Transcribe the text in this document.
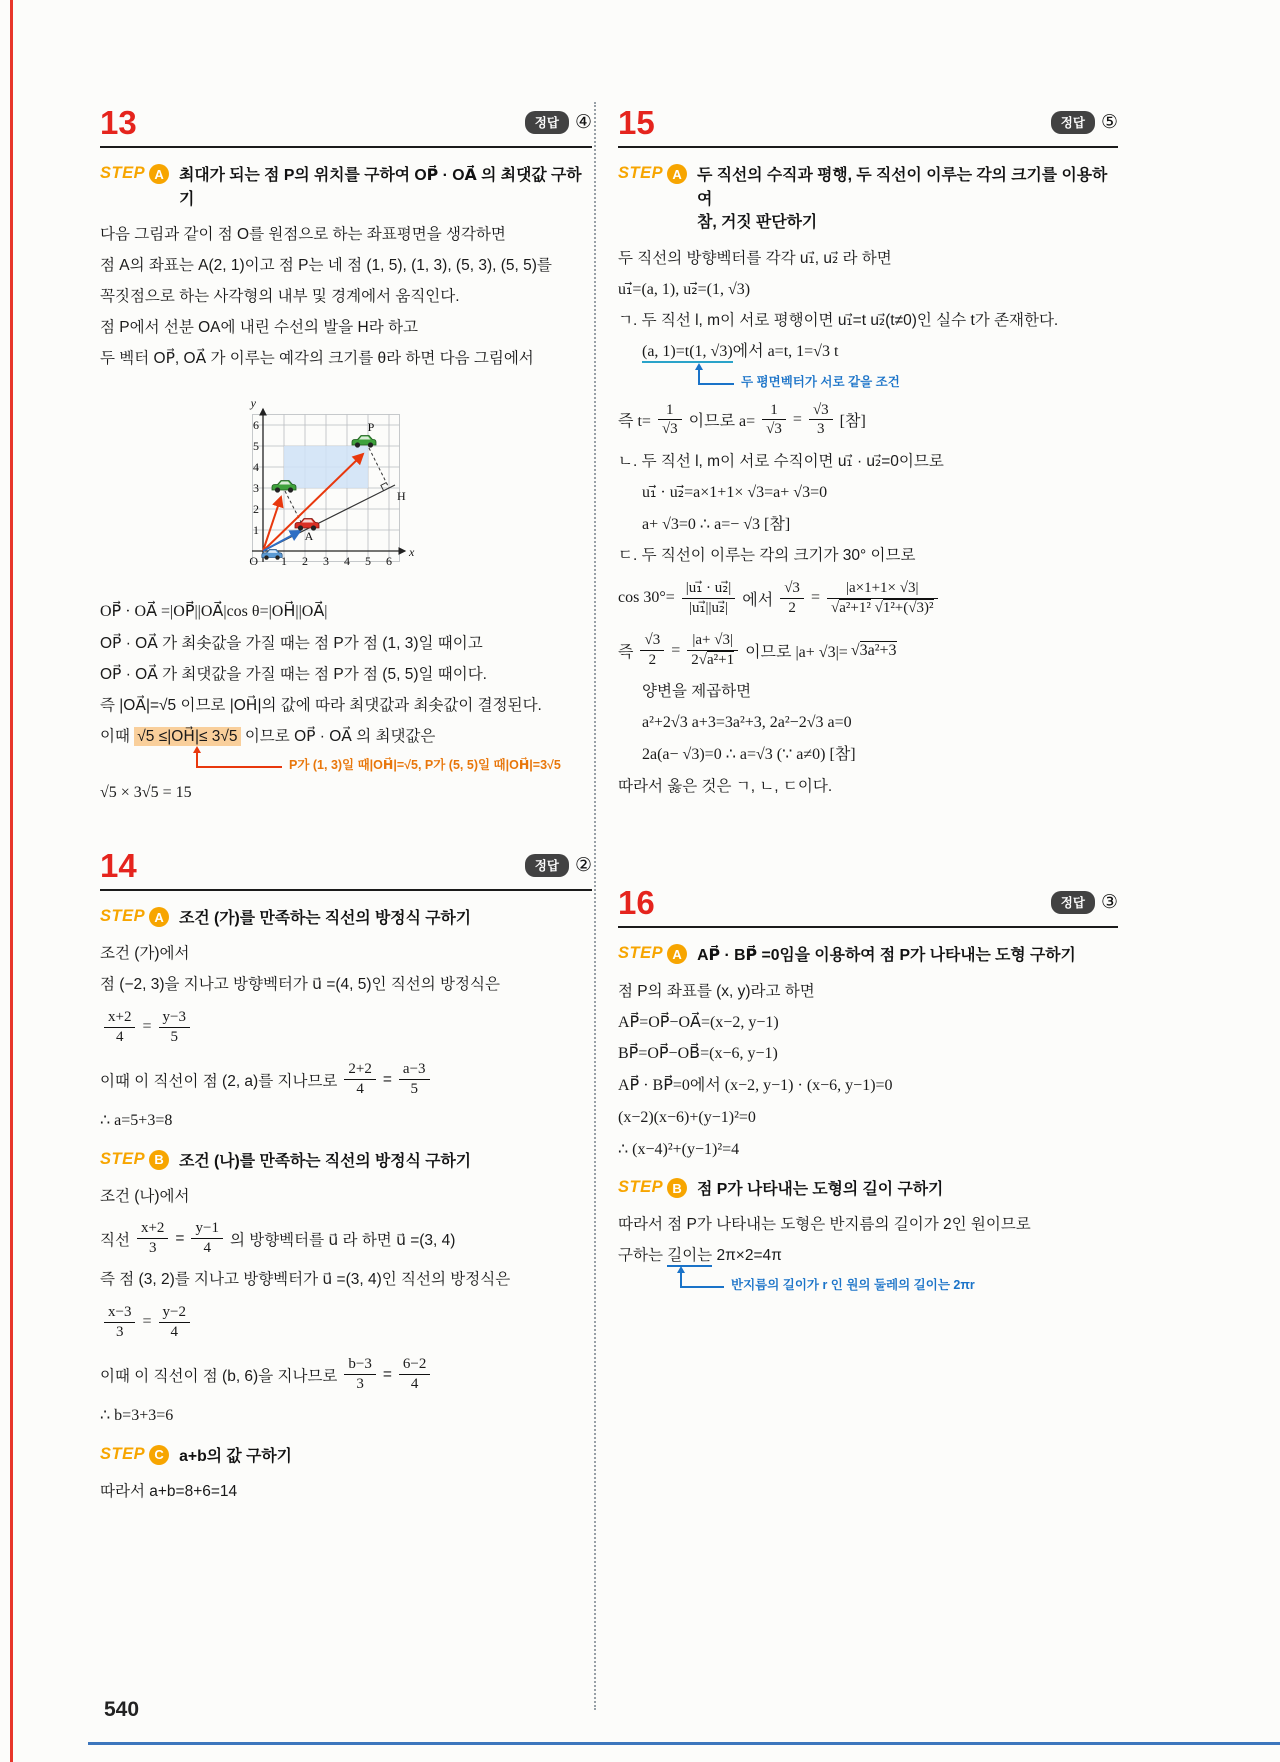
13	정답 ④
STEP A 최대가 되는 점 P의 위치를 구하여 OP⃗ · OA⃗ 의 최댓값 구하기

다음 그림과 같이 점 O를 원점으로 하는 좌표평면을 생각하면

점 A의 좌표는 A(2, 1)이고 점 P는 네 점 (1, 5), (1, 3), (5, 3), (5, 5)를

꼭짓점으로 하는 사각형의 내부 및 경계에서 움직인다.

점 P에서 선분 OA에 내린 수선의 발을 H라 하고

두 벡터 OP⃗, OA⃗ 가 이루는 예각의 크기를 θ라 하면 다음 그림에서

y
x
O
P
H
A
1 2 3 4 5 6
1
2
3
4
5
6

OP⃗ · OA⃗ =|OP⃗||OA⃗|cos θ=|OH⃗||OA⃗|

OP⃗ · OA⃗ 가 최솟값을 가질 때는 점 P가 점 (1, 3)일 때이고

OP⃗ · OA⃗ 가 최댓값을 가질 때는 점 P가 점 (5, 5)일 때이다.

즉 |OA⃗|=√5 이므로 |OH⃗|의 값에 따라 최댓값과 최솟값이 결정된다.

이때 √5 ≤|OH⃗|≤ 3√5 이므로 OP⃗ · OA⃗ 의 최댓값은

P가 (1, 3)일 때|OH⃗|=√5, P가 (5, 5)일 때|OH⃗|=3√5

√5 × 3√5 = 15

14	정답 ②
STEP A 조건 (가)를 만족하는 직선의 방정식 구하기

조건 (가)에서

점 (−2, 3)을 지나고 방향벡터가 u⃗ =(4, 5)인 직선의 방정식은

$\frac{x+2}{4} = \frac{y-3}{5}$
이때 이 직선이 점 (2, a)를 지나므로 $\frac{2+2}{4} = \frac{a-3}{5}$

∴ a=5+3=8

STEP B 조건 (나)를 만족하는 직선의 방정식 구하기

조건 (나)에서

직선 $\frac{x+2}{3} = \frac{y-1}{4}$ 의 방향벡터를 u⃗ 라 하면 u⃗ =(3, 4)

즉 점 (3, 2)를 지나고 방향벡터가 u⃗ =(3, 4)인 직선의 방정식은

$\frac{x-3}{3} = \frac{y-2}{4}$
이때 이 직선이 점 (b, 6)을 지나므로 $\frac{b-3}{3} = \frac{6-2}{4}$

∴ b=3+3=6

STEP C a+b의 값 구하기

따라서 a+b=8+6=14

15	정답 ⑤
STEP A 두 직선의 수직과 평행, 두 직선이 이루는 각의 크기를 이용하여
참, 거짓 판단하기

두 직선의 방향벡터를 각각 u₁⃗, u₂⃗ 라 하면

u₁⃗=(a, 1), u₂⃗=(1, √3)

ㄱ. 두 직선 l, m이 서로 평행이면 u₁⃗=t u₂⃗(t≠0)인 실수 t가 존재한다.

(a, 1)=t(1, √3)에서 a=t, 1=√3 t

두 평면벡터가 서로 같을 조건
즉 $t= \frac{1}{√3}$ 이므로 $a= \frac{1}{√3} = \frac{√3}{3}$ [참]

ㄴ. 두 직선 l, m이 서로 수직이면 u₁⃗ · u₂⃗=0이므로

u₁⃗ · u₂⃗=a×1+1× √3=a+ √3=0

a+ √3=0 ∴ a=− √3 [참]

ㄷ. 두 직선이 이루는 각의 크기가 30° 이므로

$\cos 30^\circ= \frac{\text{|u₁⃗ · u₂⃗|}}{\text{|u₁⃗||u₂⃗|}}$ 에서 $\frac{√3}{2} = \frac{|a\times 1+1\times √3|}{\text{√a²+1² √1²+(√3)²}}$
즉 $\frac{√3}{2} = \frac{|a+ √3|}{\text{2√a²+1}}$ 이므로 |a+ √3|= √3a²+3

양변을 제곱하면

a²+2√3 a+3=3a²+3, 2a²−2√3 a=0

2a(a− √3)=0 ∴ a=√3 (∵ a≠0) [참]

따라서 옳은 것은 ㄱ, ㄴ, ㄷ이다.

16	정답 ③
STEP A AP⃗ · BP⃗ =0임을 이용하여 점 P가 나타내는 도형 구하기

점 P의 좌표를 (x, y)라고 하면

AP⃗=OP⃗−OA⃗=(x−2, y−1)

BP⃗=OP⃗−OB⃗=(x−6, y−1)

AP⃗ · BP⃗=0에서 (x−2, y−1) · (x−6, y−1)=0

(x−2)(x−6)+(y−1)²=0

∴ (x−4)²+(y−1)²=4

STEP B 점 P가 나타내는 도형의 길이 구하기

따라서 점 P가 나타내는 도형은 반지름의 길이가 2인 원이므로

구하는 길이는 2π×2=4π

반지름의 길이가 r 인 원의 둘레의 길이는 2πr
540
